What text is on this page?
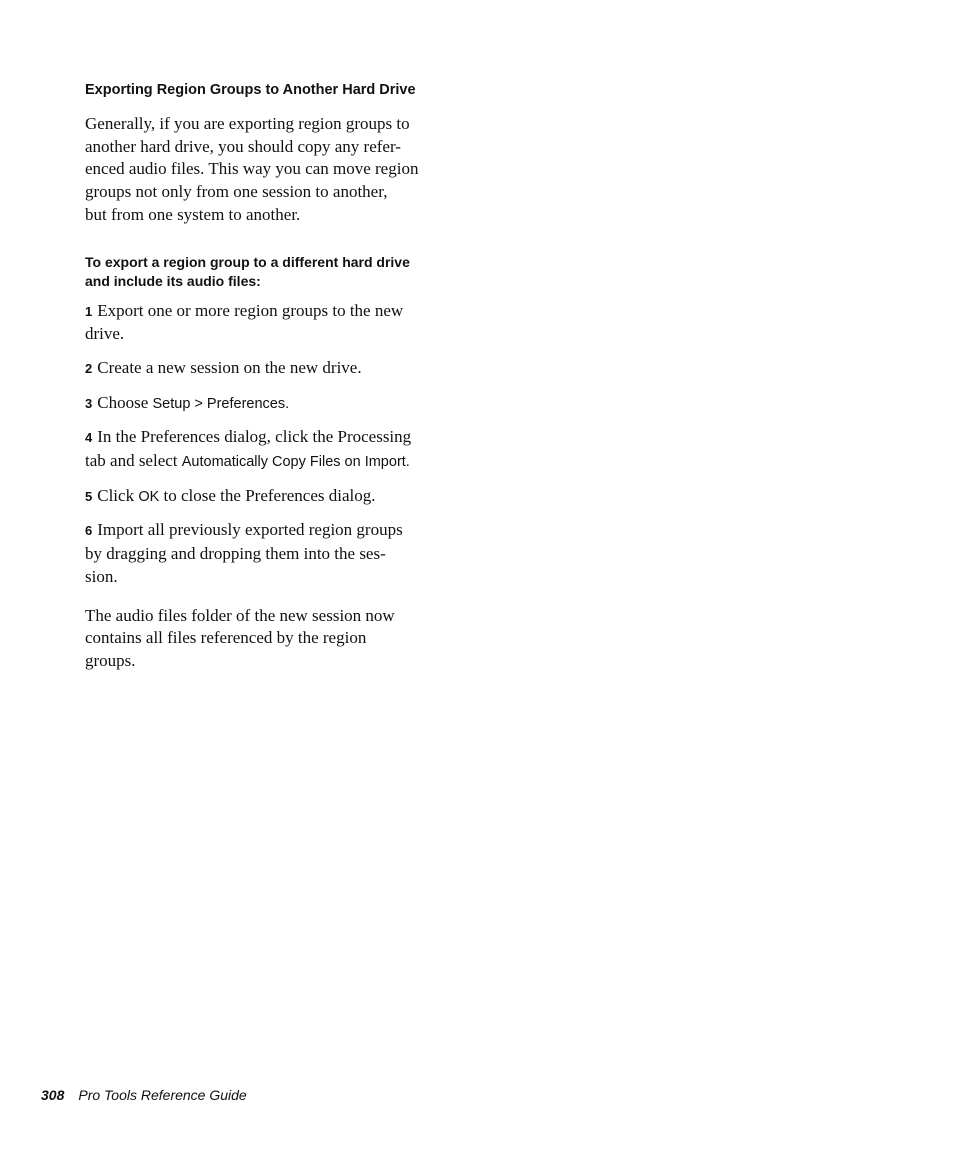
Exporting Region Groups to Another Hard Drive

Generally, if you are exporting region groups to
another hard drive, you should copy any refer-
enced audio files. This way you can move region
groups not only from one session to another,
but from one system to another.

To export a region group to a different hard drive
and include its audio files:

1 Export one or more region groups to the new
drive.

2 Create a new session on the new drive.

3 Choose Setup > Preferences.

4 In the Preferences dialog, click the Processing
tab and select Automatically Copy Files on Import.

5 Click OK to close the Preferences dialog.

6 Import all previously exported region groups
by dragging and dropping them into the ses-
sion.

The audio files folder of the new session now
contains all files referenced by the region
groups.

308 Pro Tools Reference Guide
